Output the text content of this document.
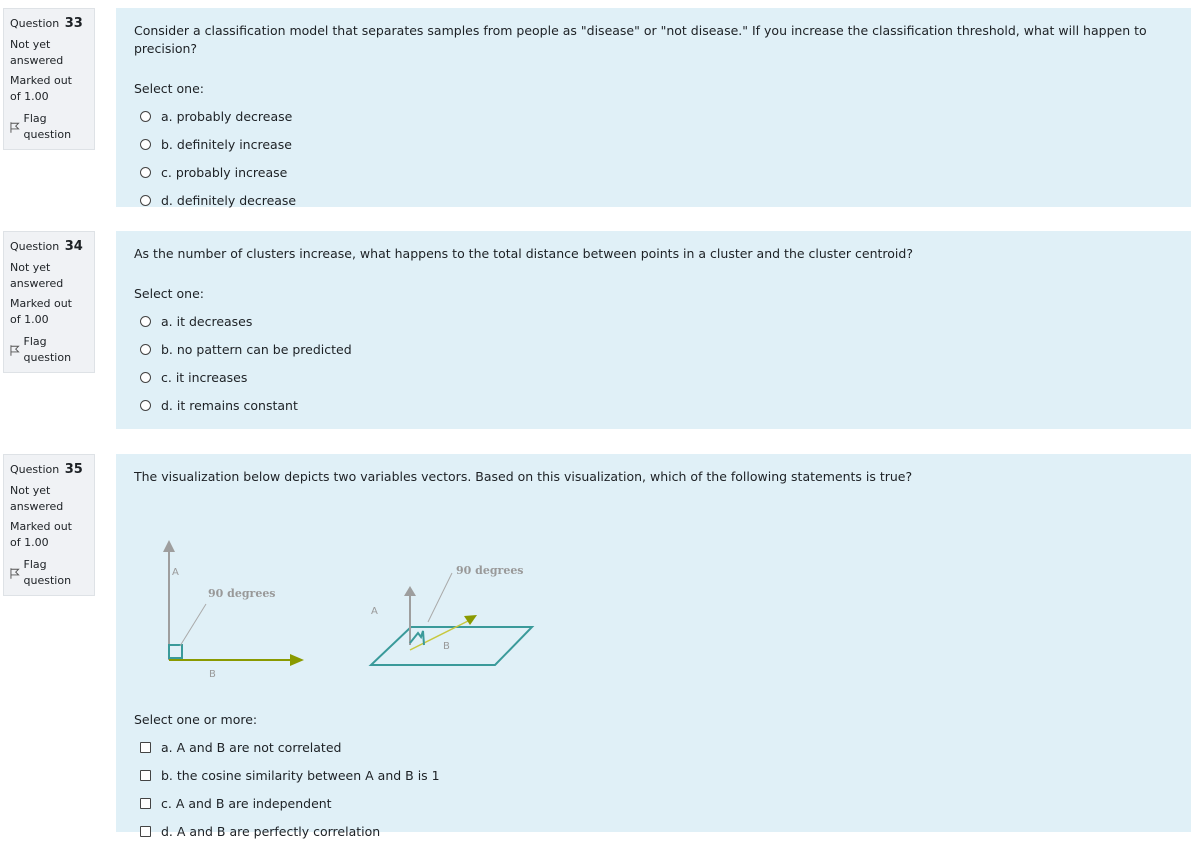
Question 33
Not yet answered
Marked out of 1.00
Flag question
Consider a classification model that separates samples from people as "disease" or "not disease." If you increase the classification threshold, what will happen to precision?
Select one:
a. probably decrease
b. definitely increase
c. probably increase
d. definitely decrease
Question 34
Not yet answered
Marked out of 1.00
Flag question
As the number of clusters increase, what happens to the total distance between points in a cluster and the cluster centroid?
Select one:
a. it decreases
b. no pattern can be predicted
c. it increases
d. it remains constant
Question 35
Not yet answered
Marked out of 1.00
Flag question
The visualization below depicts two variables vectors. Based on this visualization, which of the following statements is true?
A
B
90 degrees
A
B
90 degrees
Select one or more:
a. A and B are not correlated
b. the cosine similarity between A and B is 1
c. A and B are independent
d. A and B are perfectly correlation
